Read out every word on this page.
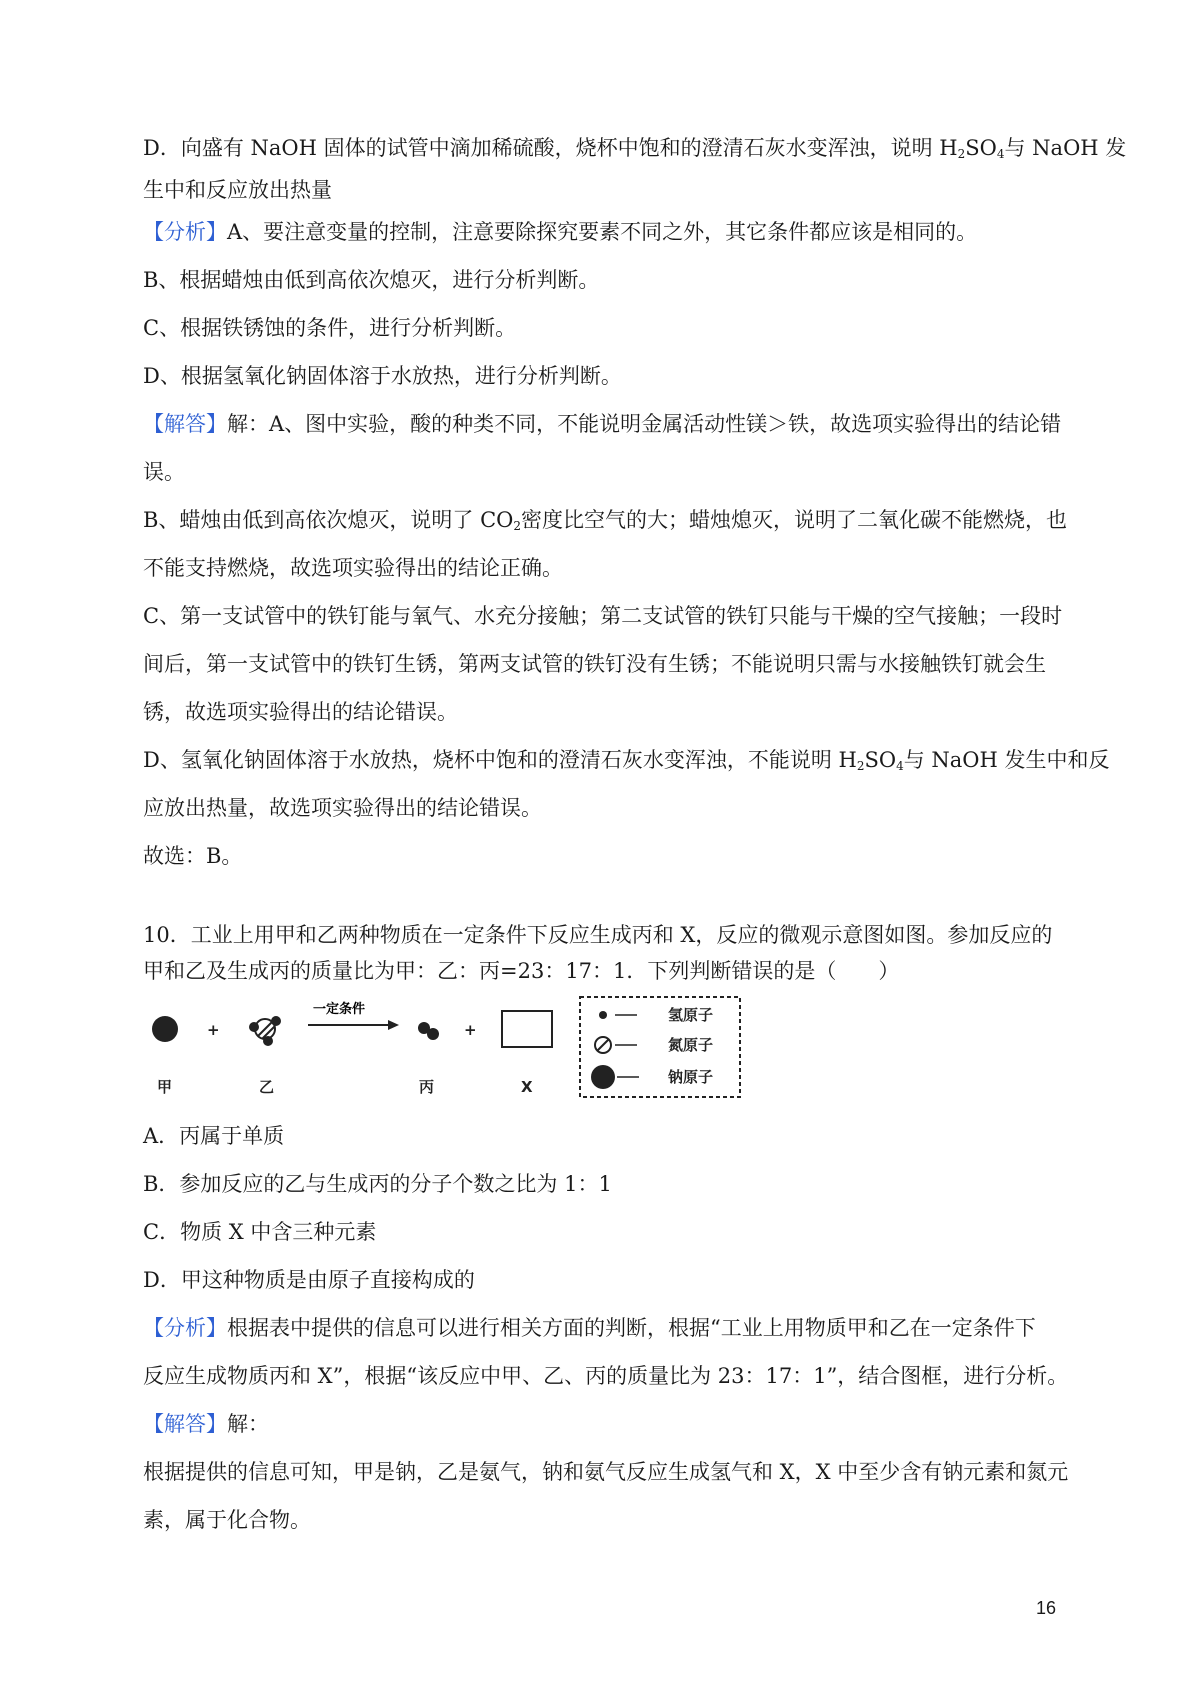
D．向盛有 NaOH 固体的试管中滴加稀硫酸，烧杯中饱和的澄清石灰水变浑浊，说明 $H_2SO_4$与 NaOH 发
生中和反应放出热量
【分析】A、要注意变量的控制，注意要除探究要素不同之外，其它条件都应该是相同的。
B、根据蜡烛由低到高依次熄灭，进行分析判断。
C、根据铁锈蚀的条件，进行分析判断。
D、根据氢氧化钠固体溶于水放热，进行分析判断。
【解答】解：A、图中实验，酸的种类不同，不能说明金属活动性镁＞铁，故选项实验得出的结论错
误。
B、蜡烛由低到高依次熄灭，说明了 $CO_2$密度比空气的大；蜡烛熄灭，说明了二氧化碳不能燃烧，也
不能支持燃烧，故选项实验得出的结论正确。
C、第一支试管中的铁钉能与氧气、水充分接触；第二支试管的铁钉只能与干燥的空气接触；一段时
间后，第一支试管中的铁钉生锈，第两支试管的铁钉没有生锈；不能说明只需与水接触铁钉就会生
锈，故选项实验得出的结论错误。
D、氢氧化钠固体溶于水放热，烧杯中饱和的澄清石灰水变浑浊，不能说明 $H_2SO_4$与 NaOH 发生中和反
应放出热量，故选项实验得出的结论错误。
故选：B。
10．工业上用甲和乙两种物质在一定条件下反应生成丙和 X，反应的微观示意图如图。参加反应的
甲和乙及生成丙的质量比为甲：乙：丙=23：17：1．下列判断错误的是（　　）
+
一定条件
+
甲	乙	丙	X
氢原子
氮原子
钠原子
A．丙属于单质
B．参加反应的乙与生成丙的分子个数之比为 1：1
C．物质 X 中含三种元素
D．甲这种物质是由原子直接构成的
【分析】根据表中提供的信息可以进行相关方面的判断，根据“工业上用物质甲和乙在一定条件下
反应生成物质丙和 X”，根据“该反应中甲、乙、丙的质量比为 23：17：1”，结合图框，进行分析。
【解答】解：
根据提供的信息可知，甲是钠，乙是氨气，钠和氨气反应生成氢气和 X，X 中至少含有钠元素和氮元
素，属于化合物。
16
